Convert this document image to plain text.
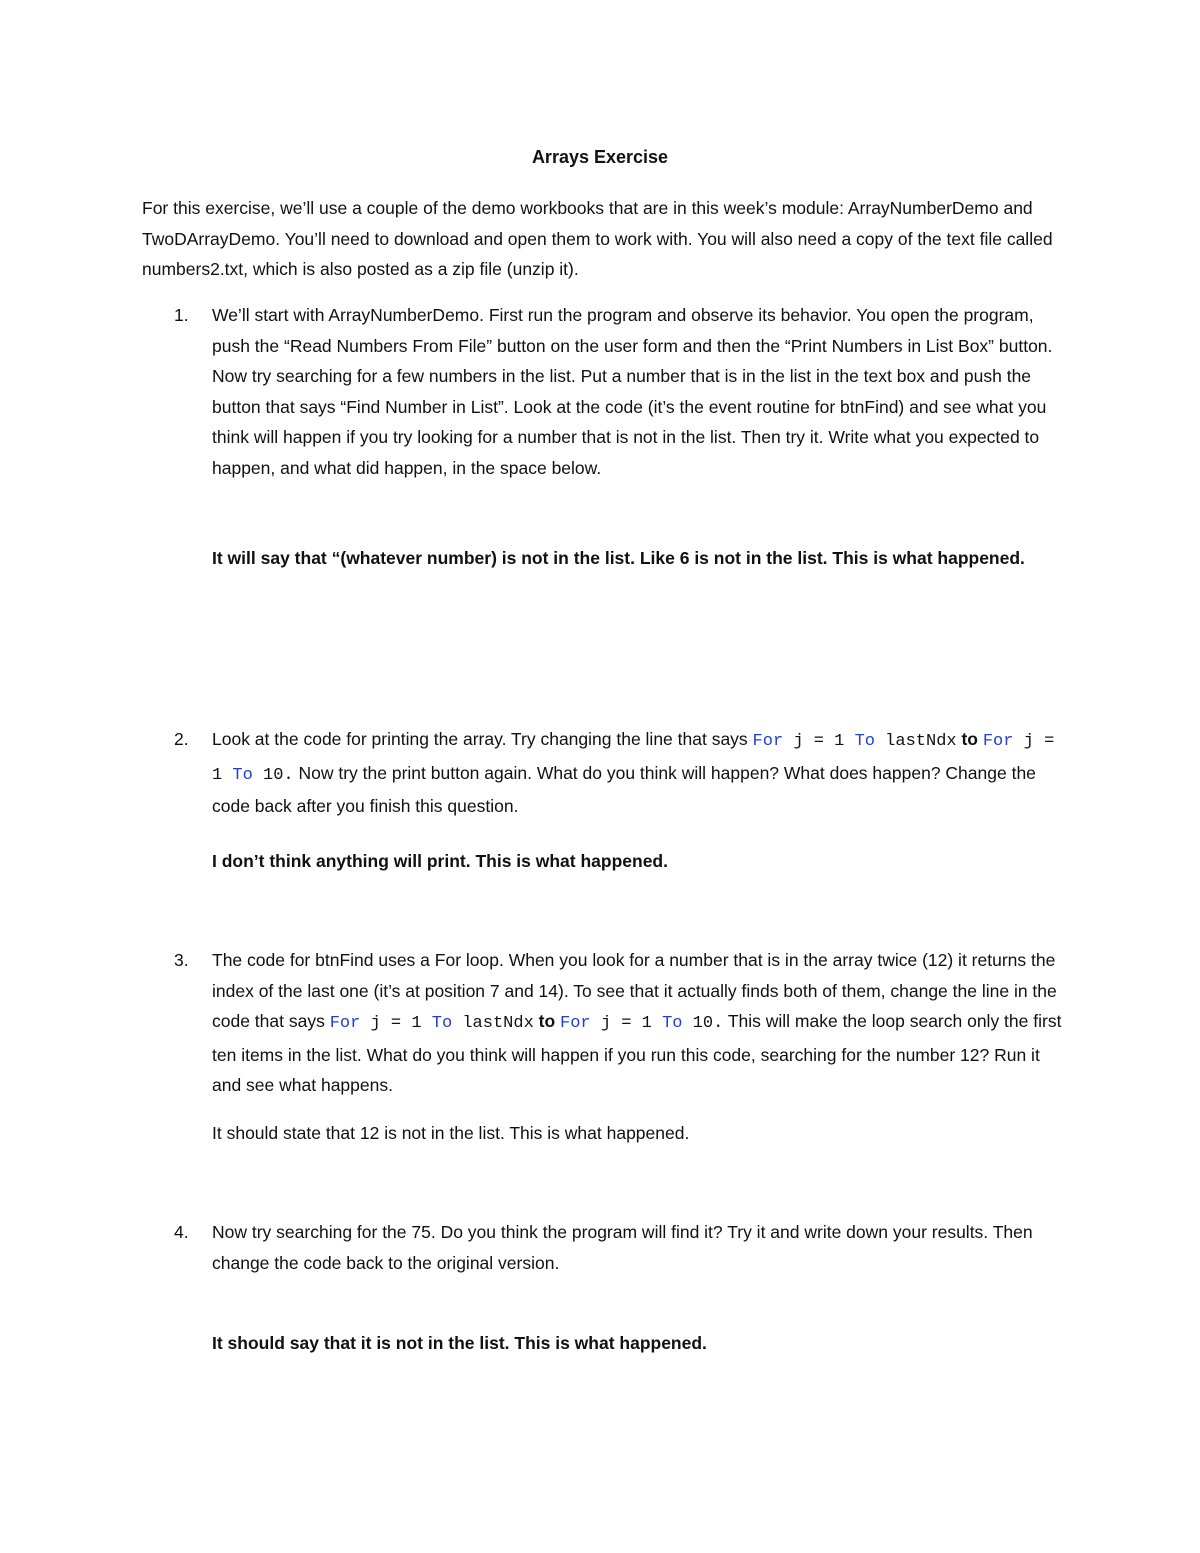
Arrays Exercise
For this exercise, we’ll use a couple of the demo workbooks that are in this week’s module: ArrayNumberDemo and TwoDArrayDemo. You’ll need to download and open them to work with. You will also need a copy of the text file called numbers2.txt, which is also posted as a zip file (unzip it).
1. We’ll start with ArrayNumberDemo. First run the program and observe its behavior. You open the program, push the “Read Numbers From File” button on the user form and then the “Print Numbers in List Box” button. Now try searching for a few numbers in the list. Put a number that is in the list in the text box and push the button that says “Find Number in List”. Look at the code (it’s the event routine for btnFind) and see what you think will happen if you try looking for a number that is not in the list. Then try it. Write what you expected to happen, and what did happen, in the space below.
It will say that “(whatever number) is not in the list. Like 6 is not in the list. This is what happened.
2. Look at the code for printing the array. Try changing the line that says For j = 1 To lastNdx to For j = 1 To 10. Now try the print button again. What do you think will happen? What does happen? Change the code back after you finish this question.
I don’t think anything will print. This is what happened.
3. The code for btnFind uses a For loop. When you look for a number that is in the array twice (12) it returns the index of the last one (it’s at position 7 and 14). To see that it actually finds both of them, change the line in the code that says For j = 1 To lastNdx to For j = 1 To 10. This will make the loop search only the first ten items in the list. What do you think will happen if you run this code, searching for the number 12? Run it and see what happens.
It should state that 12 is not in the list. This is what happened.
4. Now try searching for the 75. Do you think the program will find it? Try it and write down your results. Then change the code back to the original version.
It should say that it is not in the list. This is what happened.
